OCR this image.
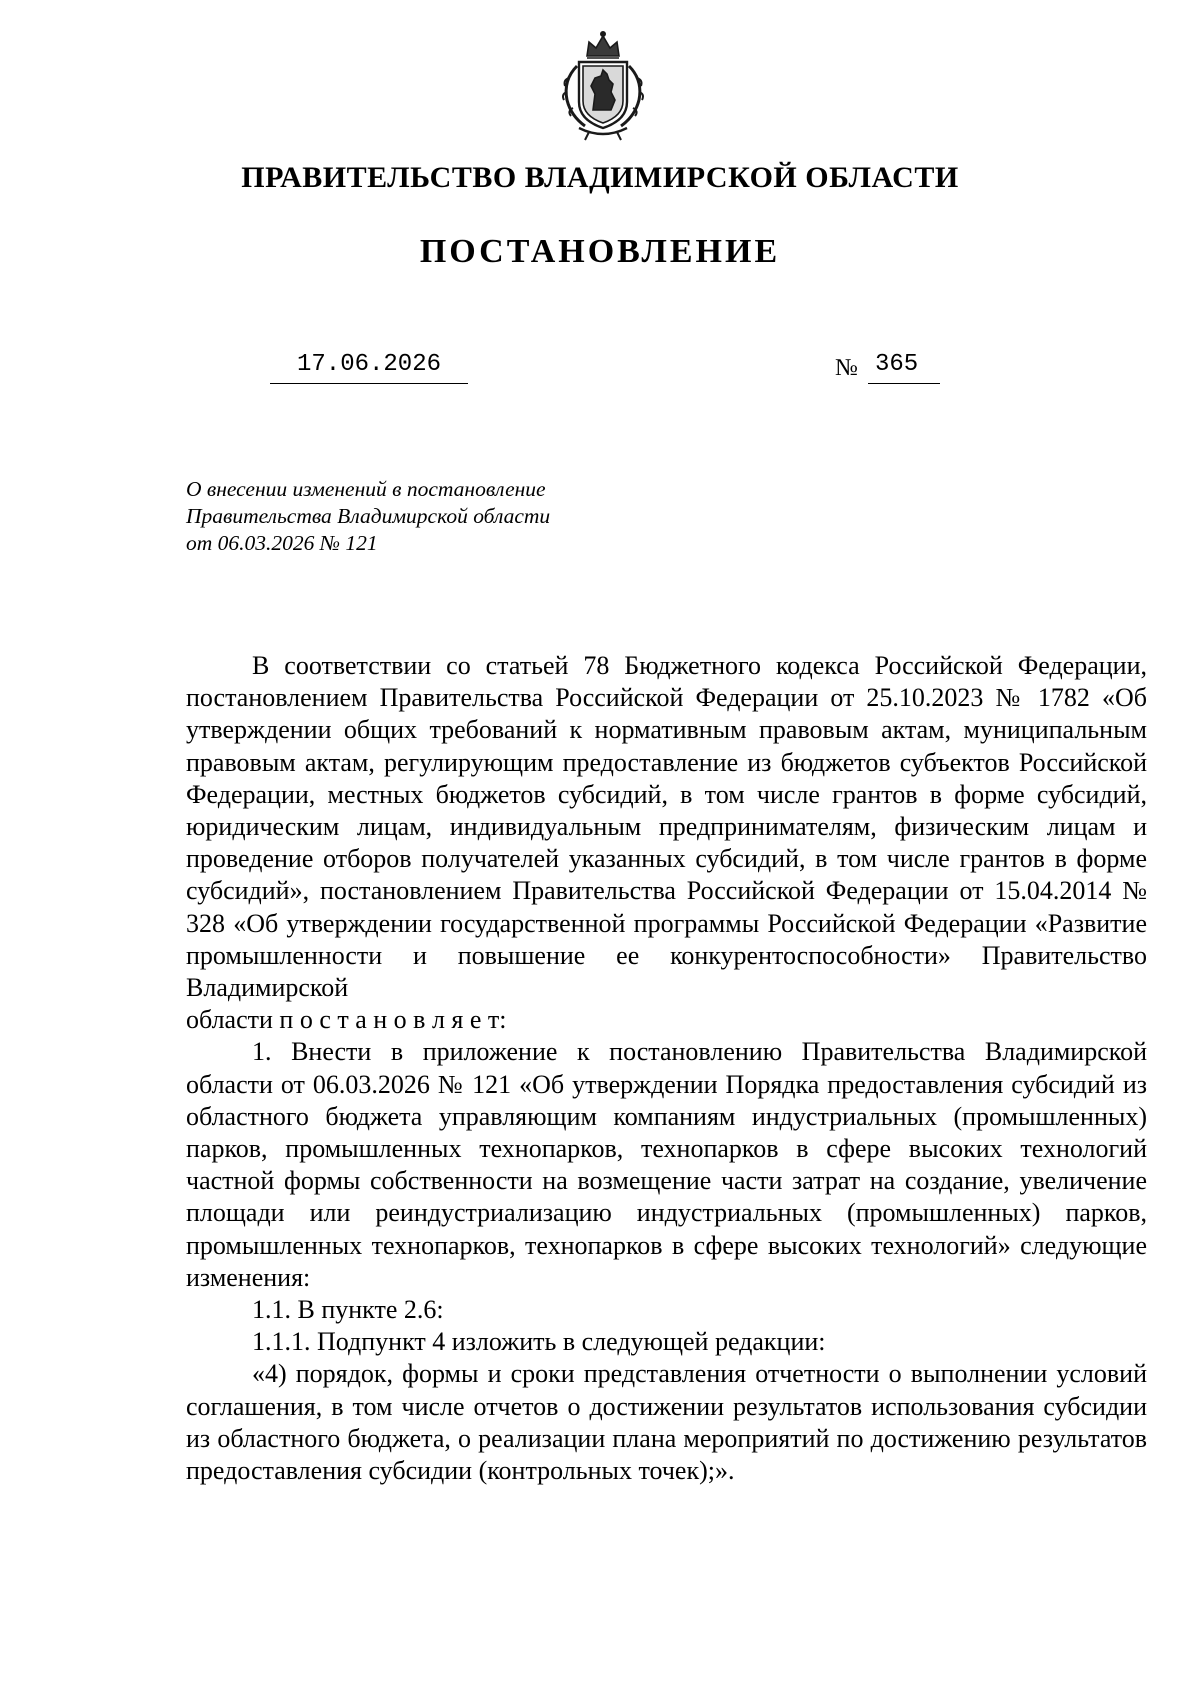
ПРАВИТЕЛЬСТВО ВЛАДИМИРСКОЙ ОБЛАСТИ
ПОСТАНОВЛЕНИЕ
17.06.2026	№ 365
О внесении изменений в постановление
Правительства Владимирской области
от 06.03.2026 № 121

В соответствии со статьей 78 Бюджетного кодекса Российской Федерации, постановлением Правительства Российской Федерации от 25.10.2023 № 1782 «Об утверждении общих требований к нормативным правовым актам, муниципальным правовым актам, регулирующим предоставление из бюджетов субъектов Российской Федерации, местных бюджетов субсидий, в том числе грантов в форме субсидий, юридическим лицам, индивидуальным предпринимателям, физическим лицам и проведение отборов получателей указанных субсидий, в том числе грантов в форме субсидий», постановлением Правительства Российской Федерации от 15.04.2014 № 328 «Об утверждении государственной программы Российской Федерации «Развитие промышленности и повышение ее конкурентоспособности» Правительство Владимирской

области п о с т а н о в л я е т:

1. Внести в приложение к постановлению Правительства Владимирской области от 06.03.2026 № 121 «Об утверждении Порядка предоставления субсидий из областного бюджета управляющим компаниям индустриальных (промышленных) парков, промышленных технопарков, технопарков в сфере высоких технологий частной формы собственности на возмещение части затрат на создание, увеличение площади или реиндустриализацию индустриальных (промышленных) парков, промышленных технопарков, технопарков в сфере высоких технологий» следующие изменения:

1.1. В пункте 2.6:

1.1.1. Подпункт 4 изложить в следующей редакции:

«4) порядок, формы и сроки представления отчетности о выполнении условий соглашения, в том числе отчетов о достижении результатов использования субсидии из областного бюджета, о реализации плана мероприятий по достижению результатов предоставления субсидии (контрольных точек);».
